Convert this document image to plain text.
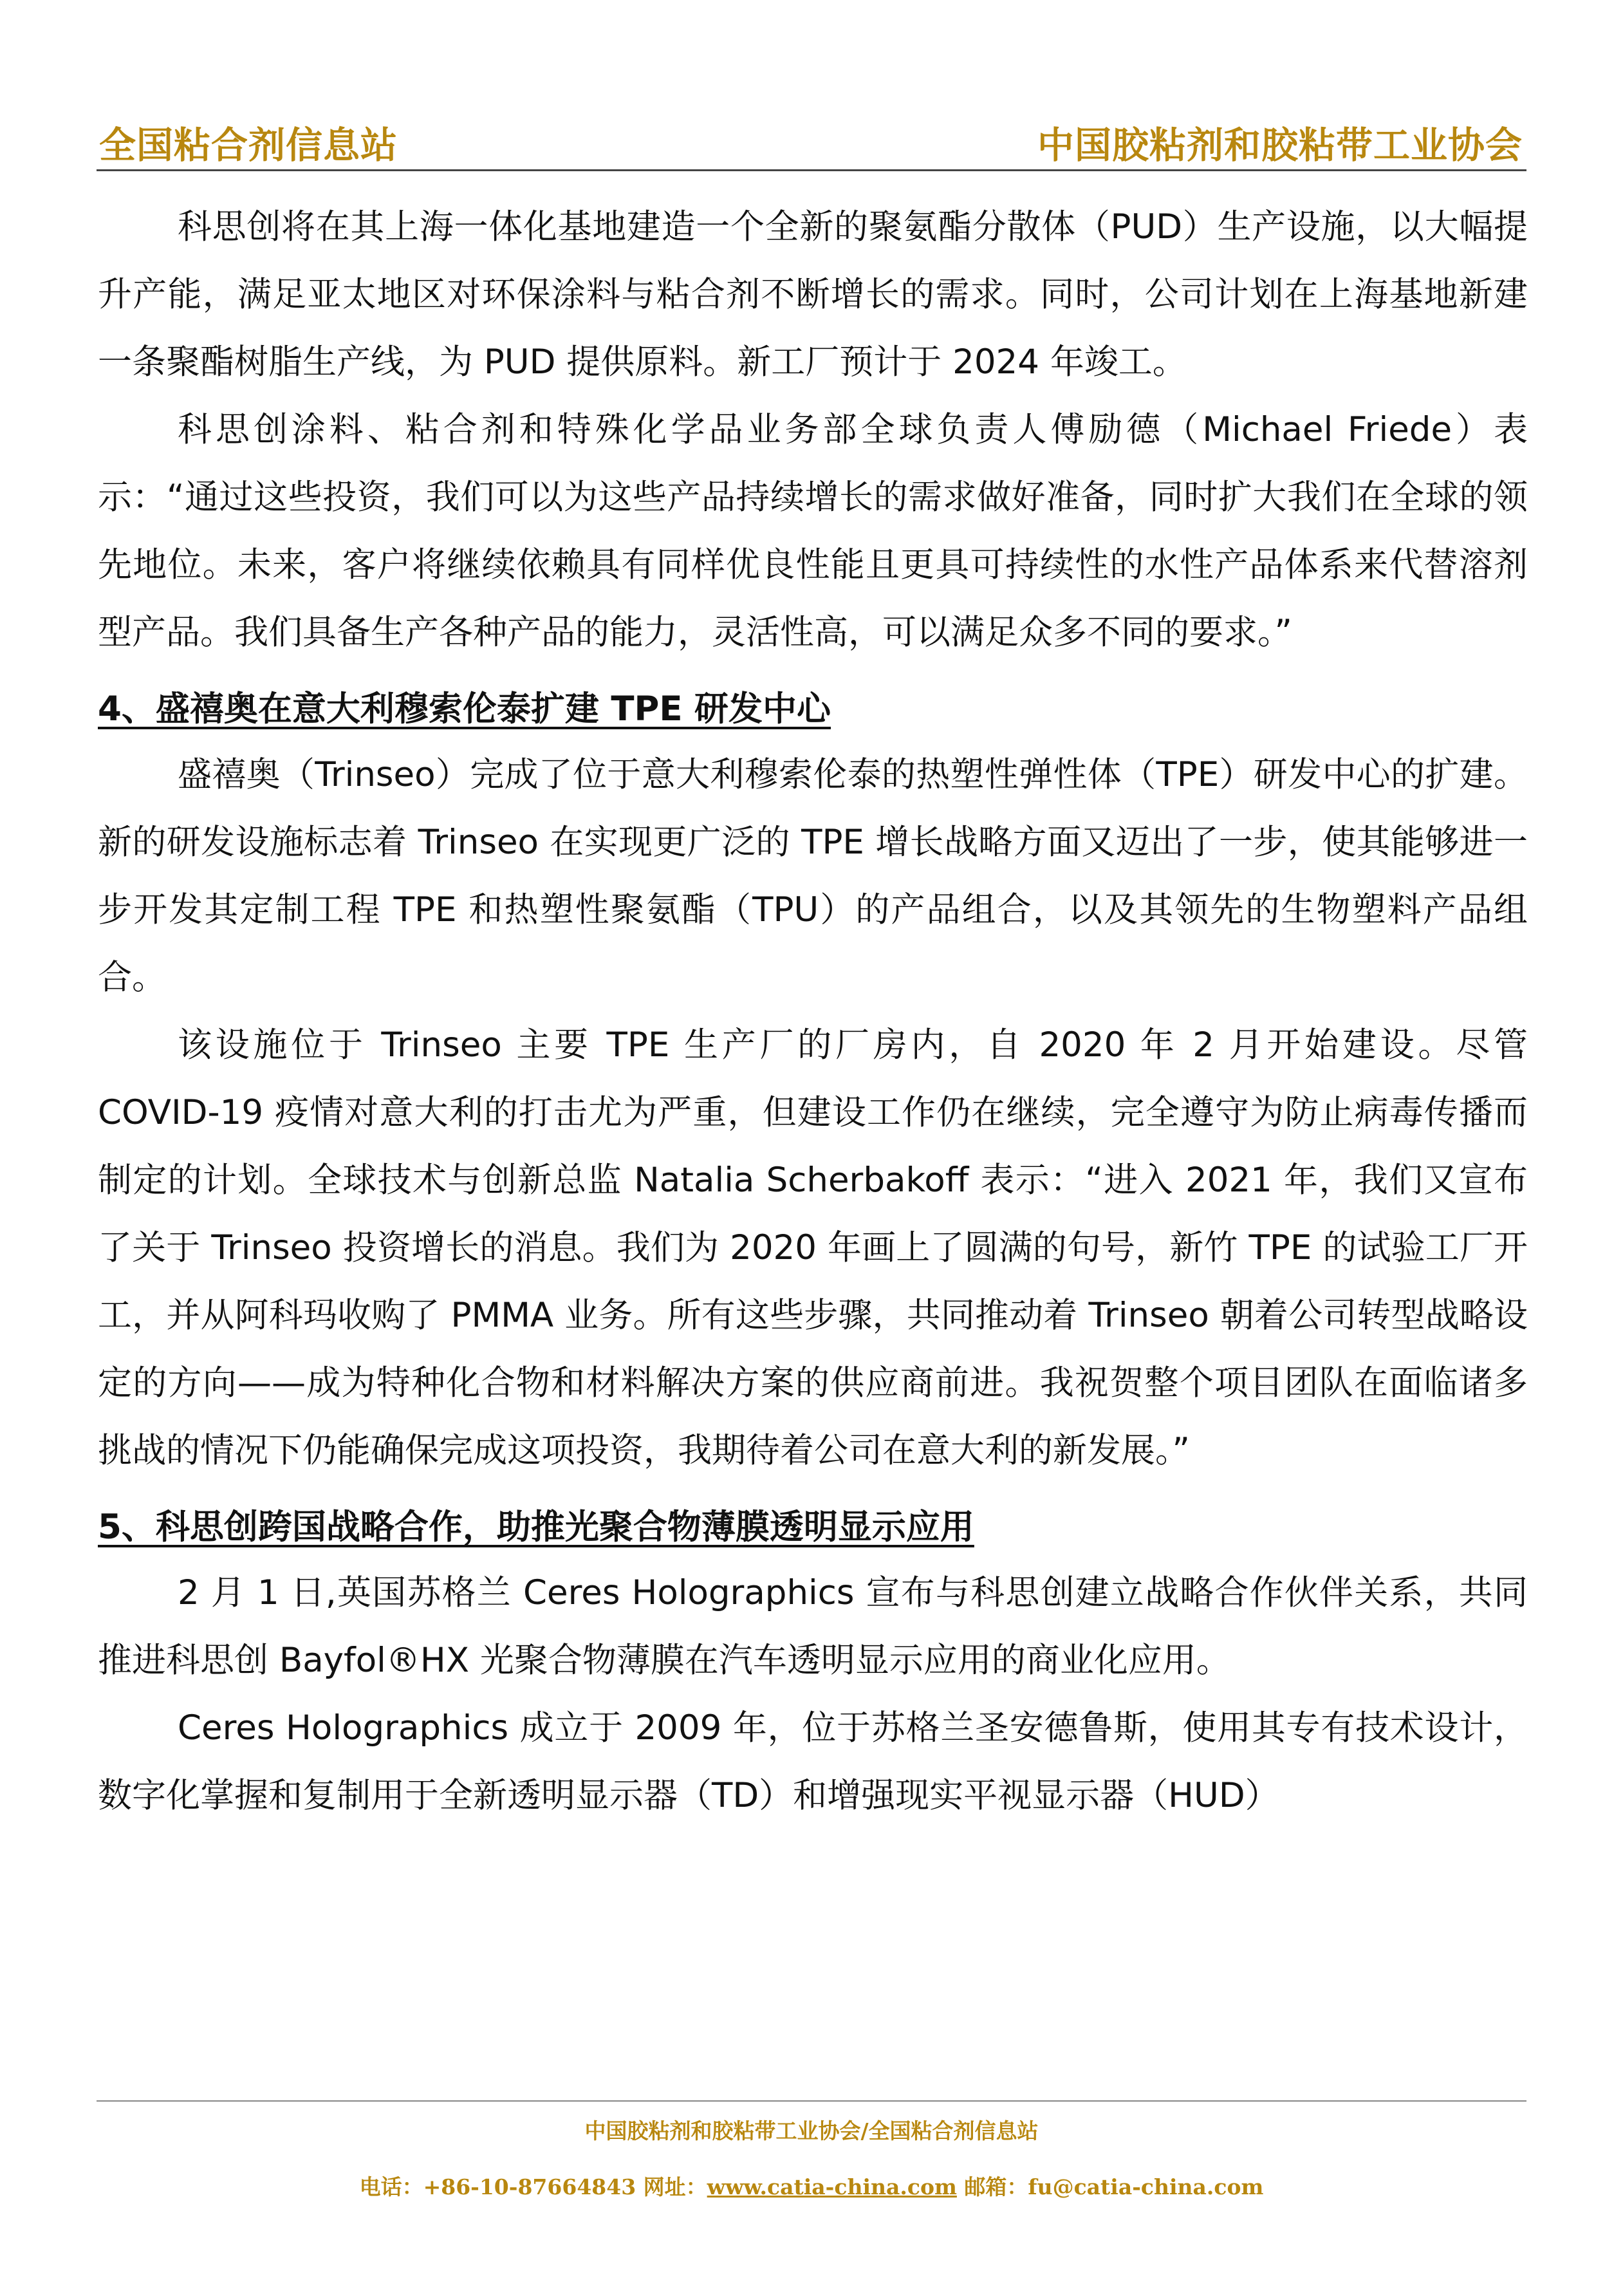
全国粘合剂信息站	中国胶粘剂和胶粘带工业协会

科思创将在其上海一体化基地建造一个全新的聚氨酯分散体（PUD）生产设施，以大幅提升产能，满足亚太地区对环保涂料与粘合剂不断增长的需求。同时，公司计划在上海基地新建一条聚酯树脂生产线，为 PUD 提供原料。新工厂预计于 2024 年竣工。

科思创涂料、粘合剂和特殊化学品业务部全球负责人傅励德（Michael Friede）表示：“通过这些投资，我们可以为这些产品持续增长的需求做好准备，同时扩大我们在全球的领先地位。未来，客户将继续依赖具有同样优良性能且更具可持续性的水性产品体系来代替溶剂型产品。我们具备生产各种产品的能力，灵活性高，可以满足众多不同的要求。”

4、盛禧奥在意大利穆索伦泰扩建 TPE 研发中心

盛禧奥（Trinseo）完成了位于意大利穆索伦泰的热塑性弹性体（TPE）研发中心的扩建。新的研发设施标志着 Trinseo 在实现更广泛的 TPE 增长战略方面又迈出了一步，使其能够进一步开发其定制工程 TPE 和热塑性聚氨酯（TPU）的产品组合，以及其领先的生物塑料产品组合。

该设施位于 Trinseo 主要 TPE 生产厂的厂房内，自 2020 年 2 月开始建设。尽管 COVID-19 疫情对意大利的打击尤为严重，但建设工作仍在继续，完全遵守为防止病毒传播而制定的计划。全球技术与创新总监 Natalia Scherbakoff 表示：“进入 2021 年，我们又宣布了关于 Trinseo 投资增长的消息。我们为 2020 年画上了圆满的句号，新竹 TPE 的试验工厂开工，并从阿科玛收购了 PMMA 业务。所有这些步骤，共同推动着 Trinseo 朝着公司转型战略设定的方向——成为特种化合物和材料解决方案的供应商前进。我祝贺整个项目团队在面临诸多挑战的情况下仍能确保完成这项投资，我期待着公司在意大利的新发展。”

5、科思创跨国战略合作，助推光聚合物薄膜透明显示应用

2 月 1 日,英国苏格兰 Ceres Holographics 宣布与科思创建立战略合作伙伴关系，共同推进科思创 Bayfol®HX 光聚合物薄膜在汽车透明显示应用的商业化应用。

Ceres Holographics 成立于 2009 年，位于苏格兰圣安德鲁斯，使用其专有技术设计，数字化掌握和复制用于全新透明显示器（TD）和增强现实平视显示器（HUD）

中国胶粘剂和胶粘带工业协会/全国粘合剂信息站
电话：+86-10-87664843 网址：www.catia-china.com 邮箱：fu@catia-china.com
